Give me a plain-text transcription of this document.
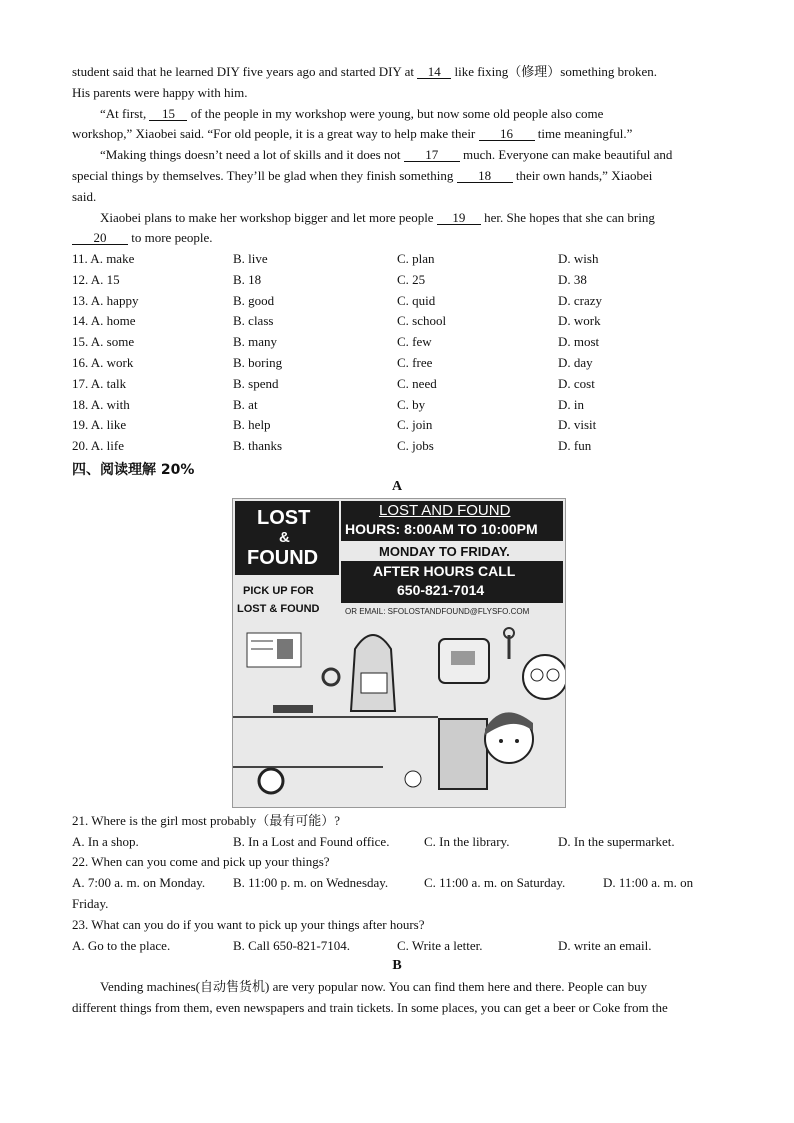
student said that he learned DIY five years ago and started DIY at 14 like fixing（修理）something broken.
His parents were happy with him.
“At first, 15 of the people in my workshop were young, but now some old people also come
workshop,” Xiaobei said. “For old people, it is a great way to help make their 16 time meaningful.”
“Making things doesn’t need a lot of skills and it does not 17 much. Everyone can make beautiful and
special things by themselves. They’ll be glad when they finish something 18 their own hands,” Xiaobei
said.
Xiaobei plans to make her workshop bigger and let more people 19 her. She hopes that she can bring
20 to more people.
11. A. make	B. live	C. plan	D. wish
12. A. 15	B. 18	C. 25	D. 38
13. A. happy	B. good	C. quid	D. crazy
14. A. home	B. class	C. school	D. work
15. A. some	B. many	C. few	D. most
16. A. work	B. boring	C. free	D. day
17. A. talk	B. spend	C. need	D. cost
18. A. with	B. at	C. by	D. in
19. A. like	B. help	C. join	D. visit
20. A. life	B. thanks	C. jobs	D. fun
四、阅读理解 20%
A
LOST
&
FOUND
PICK UP FOR
LOST & FOUND
LOST AND FOUND
HOURS: 8:00AM TO 10:00PM
MONDAY TO FRIDAY.
AFTER HOURS CALL
650-821-7014
OR EMAIL: SFOLOSTANDFOUND@FLYSFO.COM
21. Where is the girl most probably（最有可能）?
A. In a shop.	B. In a Lost and Found office.	C. In the library.	D. In the supermarket.
22. When can you come and pick up your things?
A. 7:00 a. m. on Monday. B. 11:00 p. m. on Wednesday.	C. 11:00 a. m. on Saturday.	D. 11:00 a. m. on
Friday.
23. What can you do if you want to pick up your things after hours?
A. Go to the place.	B. Call 650-821-7104.	C. Write a letter.	D. write an email.
B
Vending machines(自动售货机) are very popular now. You can find them here and there. People can buy
different things from them, even newspapers and train tickets. In some places, you can get a beer or Coke from the
